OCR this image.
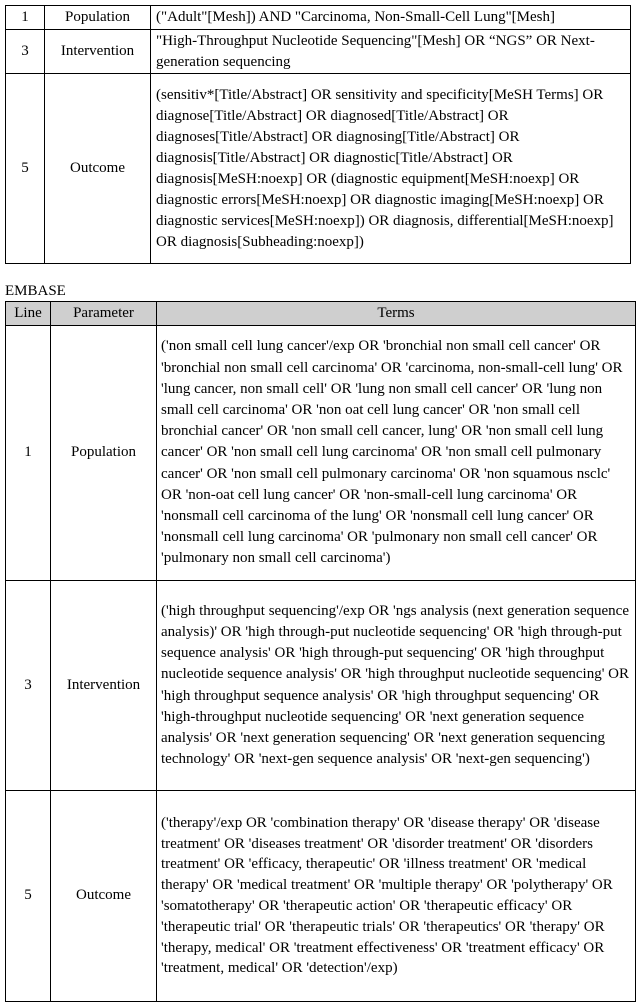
1	Population	("Adult"[Mesh]) AND "Carcinoma, Non-Small-Cell Lung"[Mesh]
3	Intervention	"High-Throughput Nucleotide Sequencing"[Mesh] OR “NGS” OR Next-generation sequencing
5	Outcome	(sensitiv*[Title/Abstract] OR sensitivity and specificity[MeSH Terms] OR diagnose[Title/Abstract] OR diagnosed[Title/Abstract] OR diagnoses[Title/Abstract] OR diagnosing[Title/Abstract] OR diagnosis[Title/Abstract] OR diagnostic[Title/Abstract] OR diagnosis[MeSH:noexp] OR (diagnostic equipment[MeSH:noexp] OR diagnostic errors[MeSH:noexp] OR diagnostic imaging[MeSH:noexp] OR diagnostic services[MeSH:noexp]) OR diagnosis, differential[MeSH:noexp] OR diagnosis[Subheading:noexp])
EMBASE
Line	Parameter	Terms
1	Population	('non small cell lung cancer'/exp OR 'bronchial non small cell cancer' OR 'bronchial non small cell carcinoma' OR 'carcinoma, non-small-cell lung' OR 'lung cancer, non small cell' OR 'lung non small cell cancer' OR 'lung non small cell carcinoma' OR 'non oat cell lung cancer' OR 'non small cell bronchial cancer' OR 'non small cell cancer, lung' OR 'non small cell lung cancer' OR 'non small cell lung carcinoma' OR 'non small cell pulmonary cancer' OR 'non small cell pulmonary carcinoma' OR 'non squamous nsclc' OR 'non-oat cell lung cancer' OR 'non-small-cell lung carcinoma' OR 'nonsmall cell carcinoma of the lung' OR 'nonsmall cell lung cancer' OR 'nonsmall cell lung carcinoma' OR 'pulmonary non small cell cancer' OR 'pulmonary non small cell carcinoma')
3	Intervention	('high throughput sequencing'/exp OR 'ngs analysis (next generation sequence analysis)' OR 'high through-put nucleotide sequencing' OR 'high through-put sequence analysis' OR 'high through-put sequencing' OR 'high throughput nucleotide sequence analysis' OR 'high throughput nucleotide sequencing' OR 'high throughput sequence analysis' OR 'high throughput sequencing' OR 'high-throughput nucleotide sequencing' OR 'next generation sequence analysis' OR 'next generation sequencing' OR 'next generation sequencing technology' OR 'next-gen sequence analysis' OR 'next-gen sequencing')
5	Outcome	('therapy'/exp OR 'combination therapy' OR 'disease therapy' OR 'disease treatment' OR 'diseases treatment' OR 'disorder treatment' OR 'disorders treatment' OR 'efficacy, therapeutic' OR 'illness treatment' OR 'medical therapy' OR 'medical treatment' OR 'multiple therapy' OR 'polytherapy' OR 'somatotherapy' OR 'therapeutic action' OR 'therapeutic efficacy' OR 'therapeutic trial' OR 'therapeutic trials' OR 'therapeutics' OR 'therapy' OR 'therapy, medical' OR 'treatment effectiveness' OR 'treatment efficacy' OR 'treatment, medical' OR 'detection'/exp)
